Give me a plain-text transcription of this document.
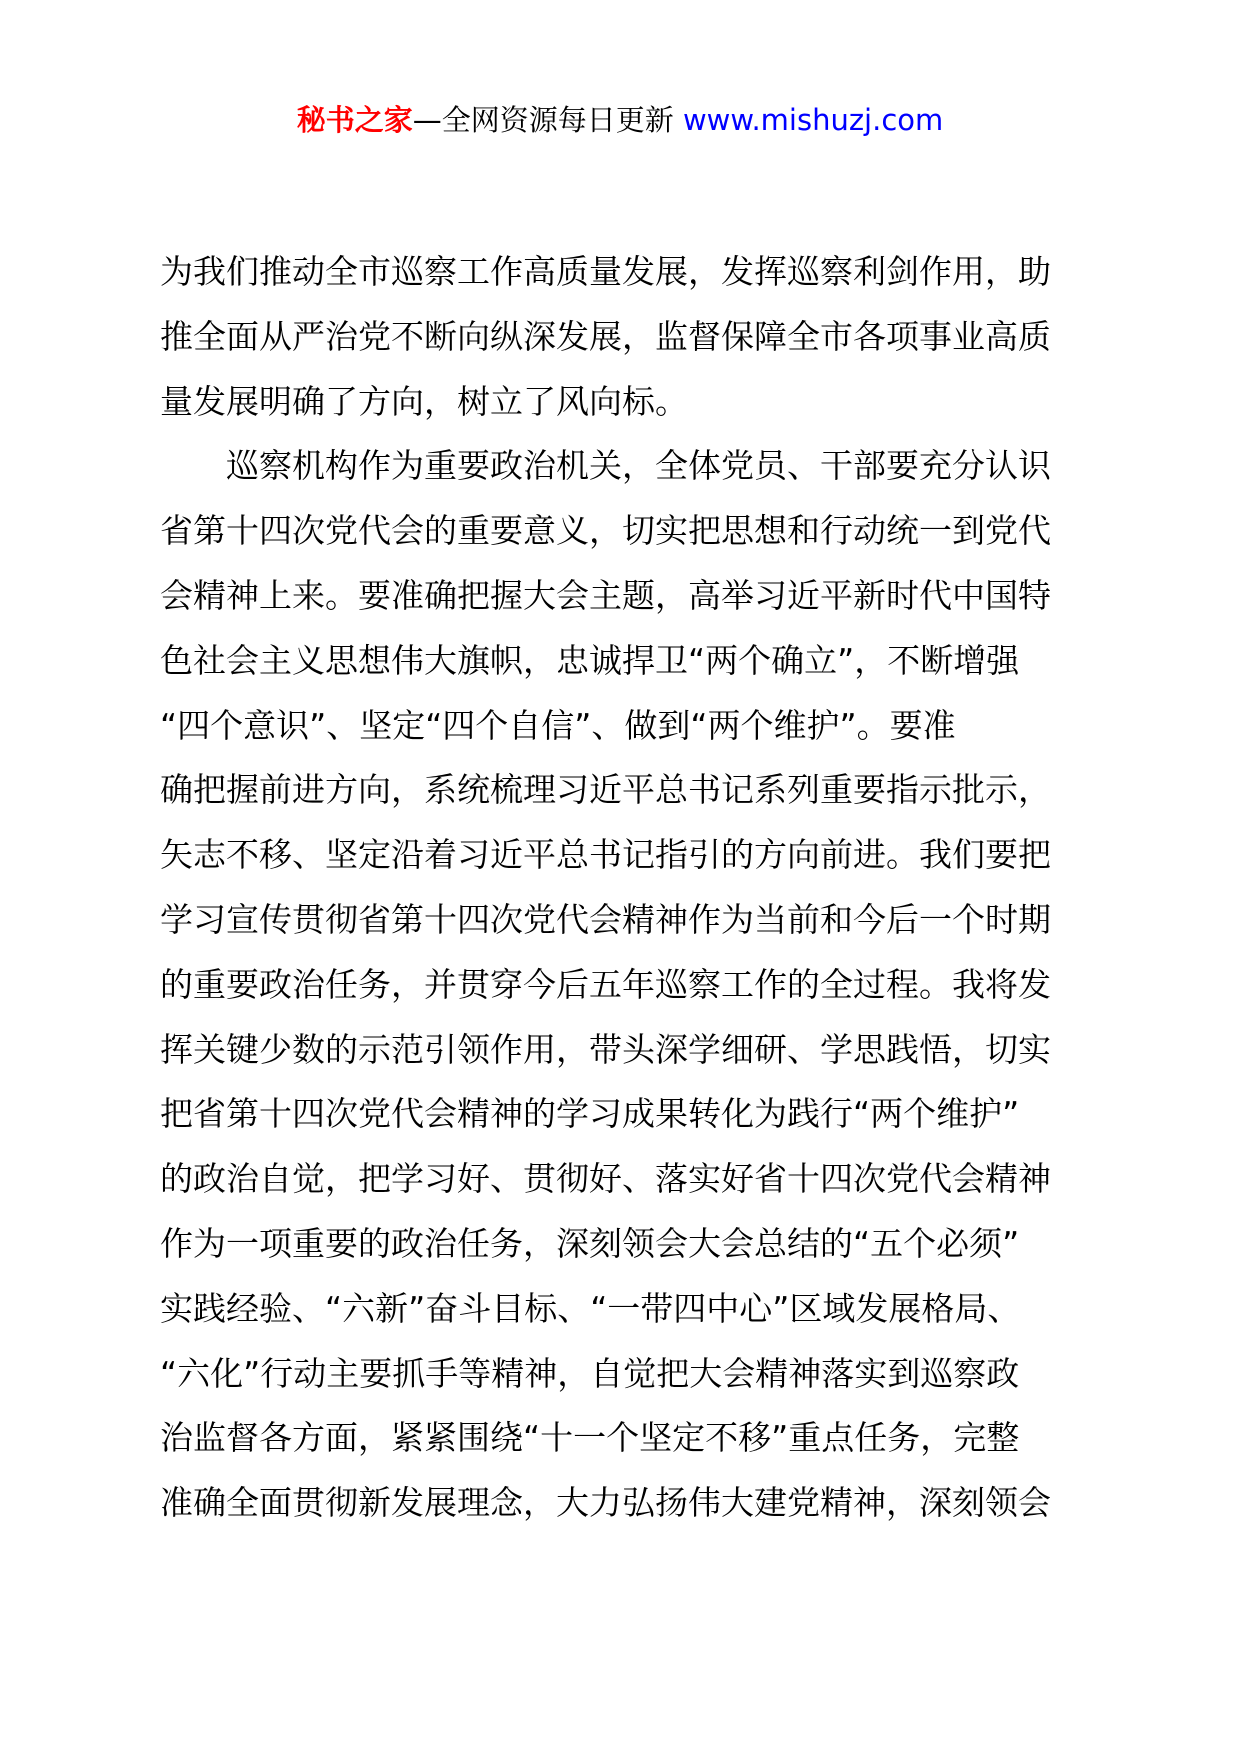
秘书之家—全网资源每日更新 www.mishuzj.com
为我们推动全市巡察工作高质量发展，发挥巡察利剑作用，助
推全面从严治党不断向纵深发展，监督保障全市各项事业高质
量发展明确了方向，树立了风向标。
巡察机构作为重要政治机关，全体党员、干部要充分认识
省第十四次党代会的重要意义，切实把思想和行动统一到党代
会精神上来。要准确把握大会主题，高举习近平新时代中国特
色社会主义思想伟大旗帜，忠诚捍卫“两个确立”，不断增强
“四个意识”、坚定“四个自信”、做到“两个维护”。要准
确把握前进方向，系统梳理习近平总书记系列重要指示批示，
矢志不移、坚定沿着习近平总书记指引的方向前进。我们要把
学习宣传贯彻省第十四次党代会精神作为当前和今后一个时期
的重要政治任务，并贯穿今后五年巡察工作的全过程。我将发
挥关键少数的示范引领作用，带头深学细研、学思践悟，切实
把省第十四次党代会精神的学习成果转化为践行“两个维护”
的政治自觉，把学习好、贯彻好、落实好省十四次党代会精神
作为一项重要的政治任务，深刻领会大会总结的“五个必须”
实践经验、“六新”奋斗目标、“一带四中心”区域发展格局、
“六化”行动主要抓手等精神，自觉把大会精神落实到巡察政
治监督各方面，紧紧围绕“十一个坚定不移”重点任务，完整
准确全面贯彻新发展理念，大力弘扬伟大建党精神，深刻领会
